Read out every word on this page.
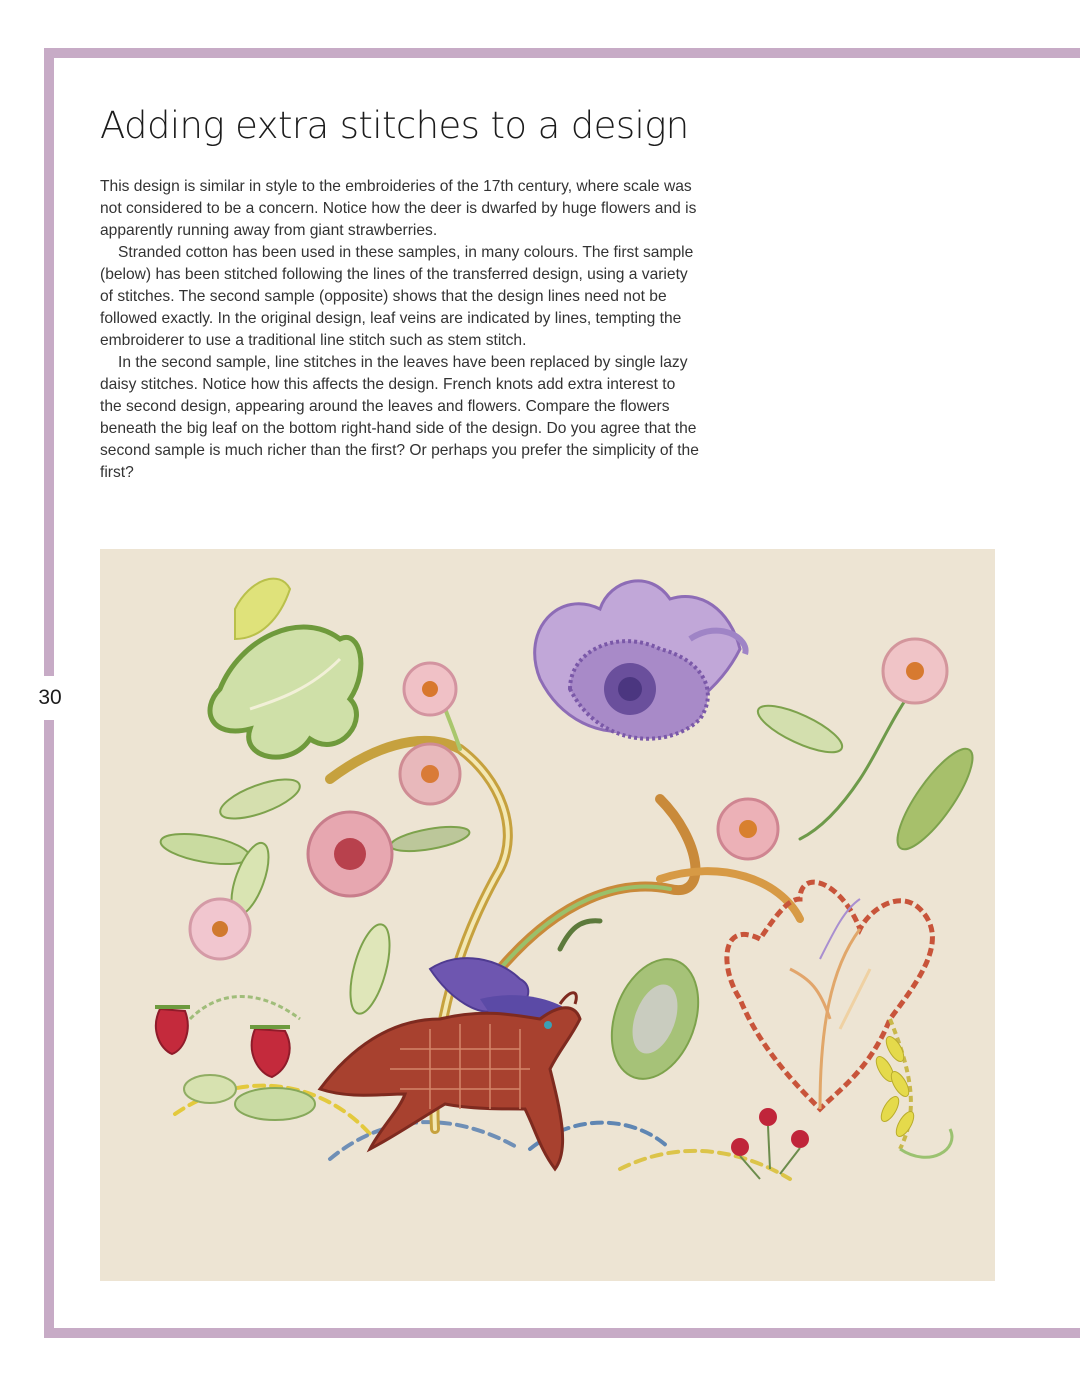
30
Adding extra stitches to a design

This design is similar in style to the embroideries of the 17th century, where scale was not considered to be a concern. Notice how the deer is dwarfed by huge flowers and is apparently running away from giant strawberries.

Stranded cotton has been used in these samples, in many colours. The first sample (below) has been stitched following the lines of the transferred design, using a variety of stitches. The second sample (opposite) shows that the design lines need not be followed exactly. In the original design, leaf veins are indicated by lines, tempting the embroiderer to use a traditional line stitch such as stem stitch.

In the second sample, line stitches in the leaves have been replaced by single lazy daisy stitches. Notice how this affects the design. French knots add extra interest to the second design, appearing around the leaves and flowers. Compare the flowers beneath the big leaf on the bottom right-hand side of the design. Do you agree that the second sample is much richer than the first? Or perhaps you prefer the simplicity of the first?
